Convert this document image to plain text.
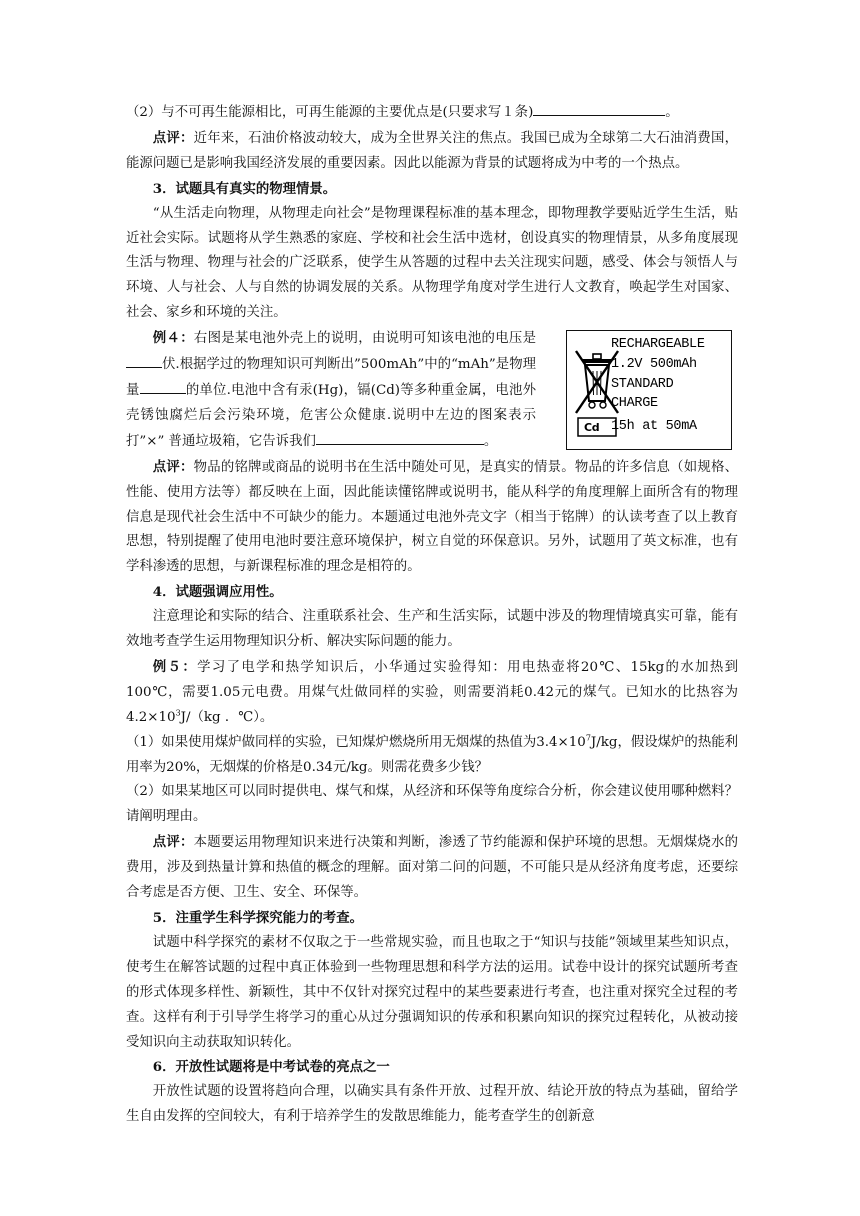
（2）与不可再生能源相比，可再生能源的主要优点是(只要求写１条)	。

点评：近年来，石油价格波动较大，成为全世界关注的焦点。我国已成为全球第二大石油消费国，能源问题已是影响我国经济发展的重要因素。因此以能源为背景的试题将成为中考的一个热点。

3．试题具有真实的物理情景。

“从生活走向物理，从物理走向社会”是物理课程标准的基本理念，即物理教学要贴近学生生活，贴近社会实际。试题将从学生熟悉的家庭、学校和社会生活中选材，创设真实的物理情景，从多角度展现生活与物理、物理与社会的广泛联系，使学生从答题的过程中去关注现实问题，感受、体会与领悟人与环境、人与社会、人与自然的协调发展的关系。从物理学角度对学生进行人文教育，唤起学生对国家、社会、家乡和环境的关注。

例４：右图是某电池外壳上的说明，由说明可知该电池的电压是伏.根据学过的物理知识可判断出”500mAh”中的“mAh”是物理量	的单位.电池中含有汞(Hg)，镉(Cd)等多种重金属，电池外壳锈蚀腐烂后会污染环境，危害公众健康.说明中左边的图案表示打”×” 普通垃圾箱，它告诉我们	。

Cd
RECHARGEABLE
1.2V 500mAh
STANDARD
CHARGE
15h at 50mA

点评：物品的铭牌或商品的说明书在生活中随处可见，是真实的情景。物品的许多信息（如规格、性能、使用方法等）都反映在上面，因此能读懂铭牌或说明书，能从科学的角度理解上面所含有的物理信息是现代社会生活中不可缺少的能力。本题通过电池外壳文字（相当于铭牌）的认读考查了以上教育思想，特别提醒了使用电池时要注意环境保护，树立自觉的环保意识。另外，试题用了英文标准，也有学科渗透的思想，与新课程标准的理念是相符的。

4．试题强调应用性。

注意理论和实际的结合、注重联系社会、生产和生活实际，试题中涉及的物理情境真实可靠，能有效地考查学生运用物理知识分析、解决实际问题的能力。

例５：学习了电学和热学知识后，小华通过实验得知：用电热壶将20℃、15kg的水加热到100℃，需要1.05元电费。用煤气灶做同样的实验，则需要消耗0.42元的煤气。已知水的比热容为$4.2\times 10^3J/(kg$ ．℃）。

（1）如果使用煤炉做同样的实验，已知煤炉燃烧所用无烟煤的热值为$3.4\times 10^7J/kg$，假设煤炉的热能利用率为20%，无烟煤的价格是0.34元/kg。则需花费多少钱？

（2）如果某地区可以同时提供电、煤气和煤，从经济和环保等角度综合分析，你会建议使用哪种燃料？请阐明理由。

点评：本题要运用物理知识来进行决策和判断，渗透了节约能源和保护环境的思想。无烟煤烧水的费用，涉及到热量计算和热值的概念的理解。面对第二问的问题，不可能只是从经济角度考虑，还要综合考虑是否方便、卫生、安全、环保等。

5．注重学生科学探究能力的考查。

试题中科学探究的素材不仅取之于一些常规实验，而且也取之于“知识与技能”领域里某些知识点，使考生在解答试题的过程中真正体验到一些物理思想和科学方法的运用。试卷中设计的探究试题所考查的形式体现多样性、新颖性，其中不仅针对探究过程中的某些要素进行考查，也注重对探究全过程的考查。这样有利于引导学生将学习的重心从过分强调知识的传承和积累向知识的探究过程转化，从被动接受知识向主动获取知识转化。

6．开放性试题将是中考试卷的亮点之一

开放性试题的设置将趋向合理，以确实具有条件开放、过程开放、结论开放的特点为基础，留给学生自由发挥的空间较大，有利于培养学生的发散思维能力，能考查学生的创新意
